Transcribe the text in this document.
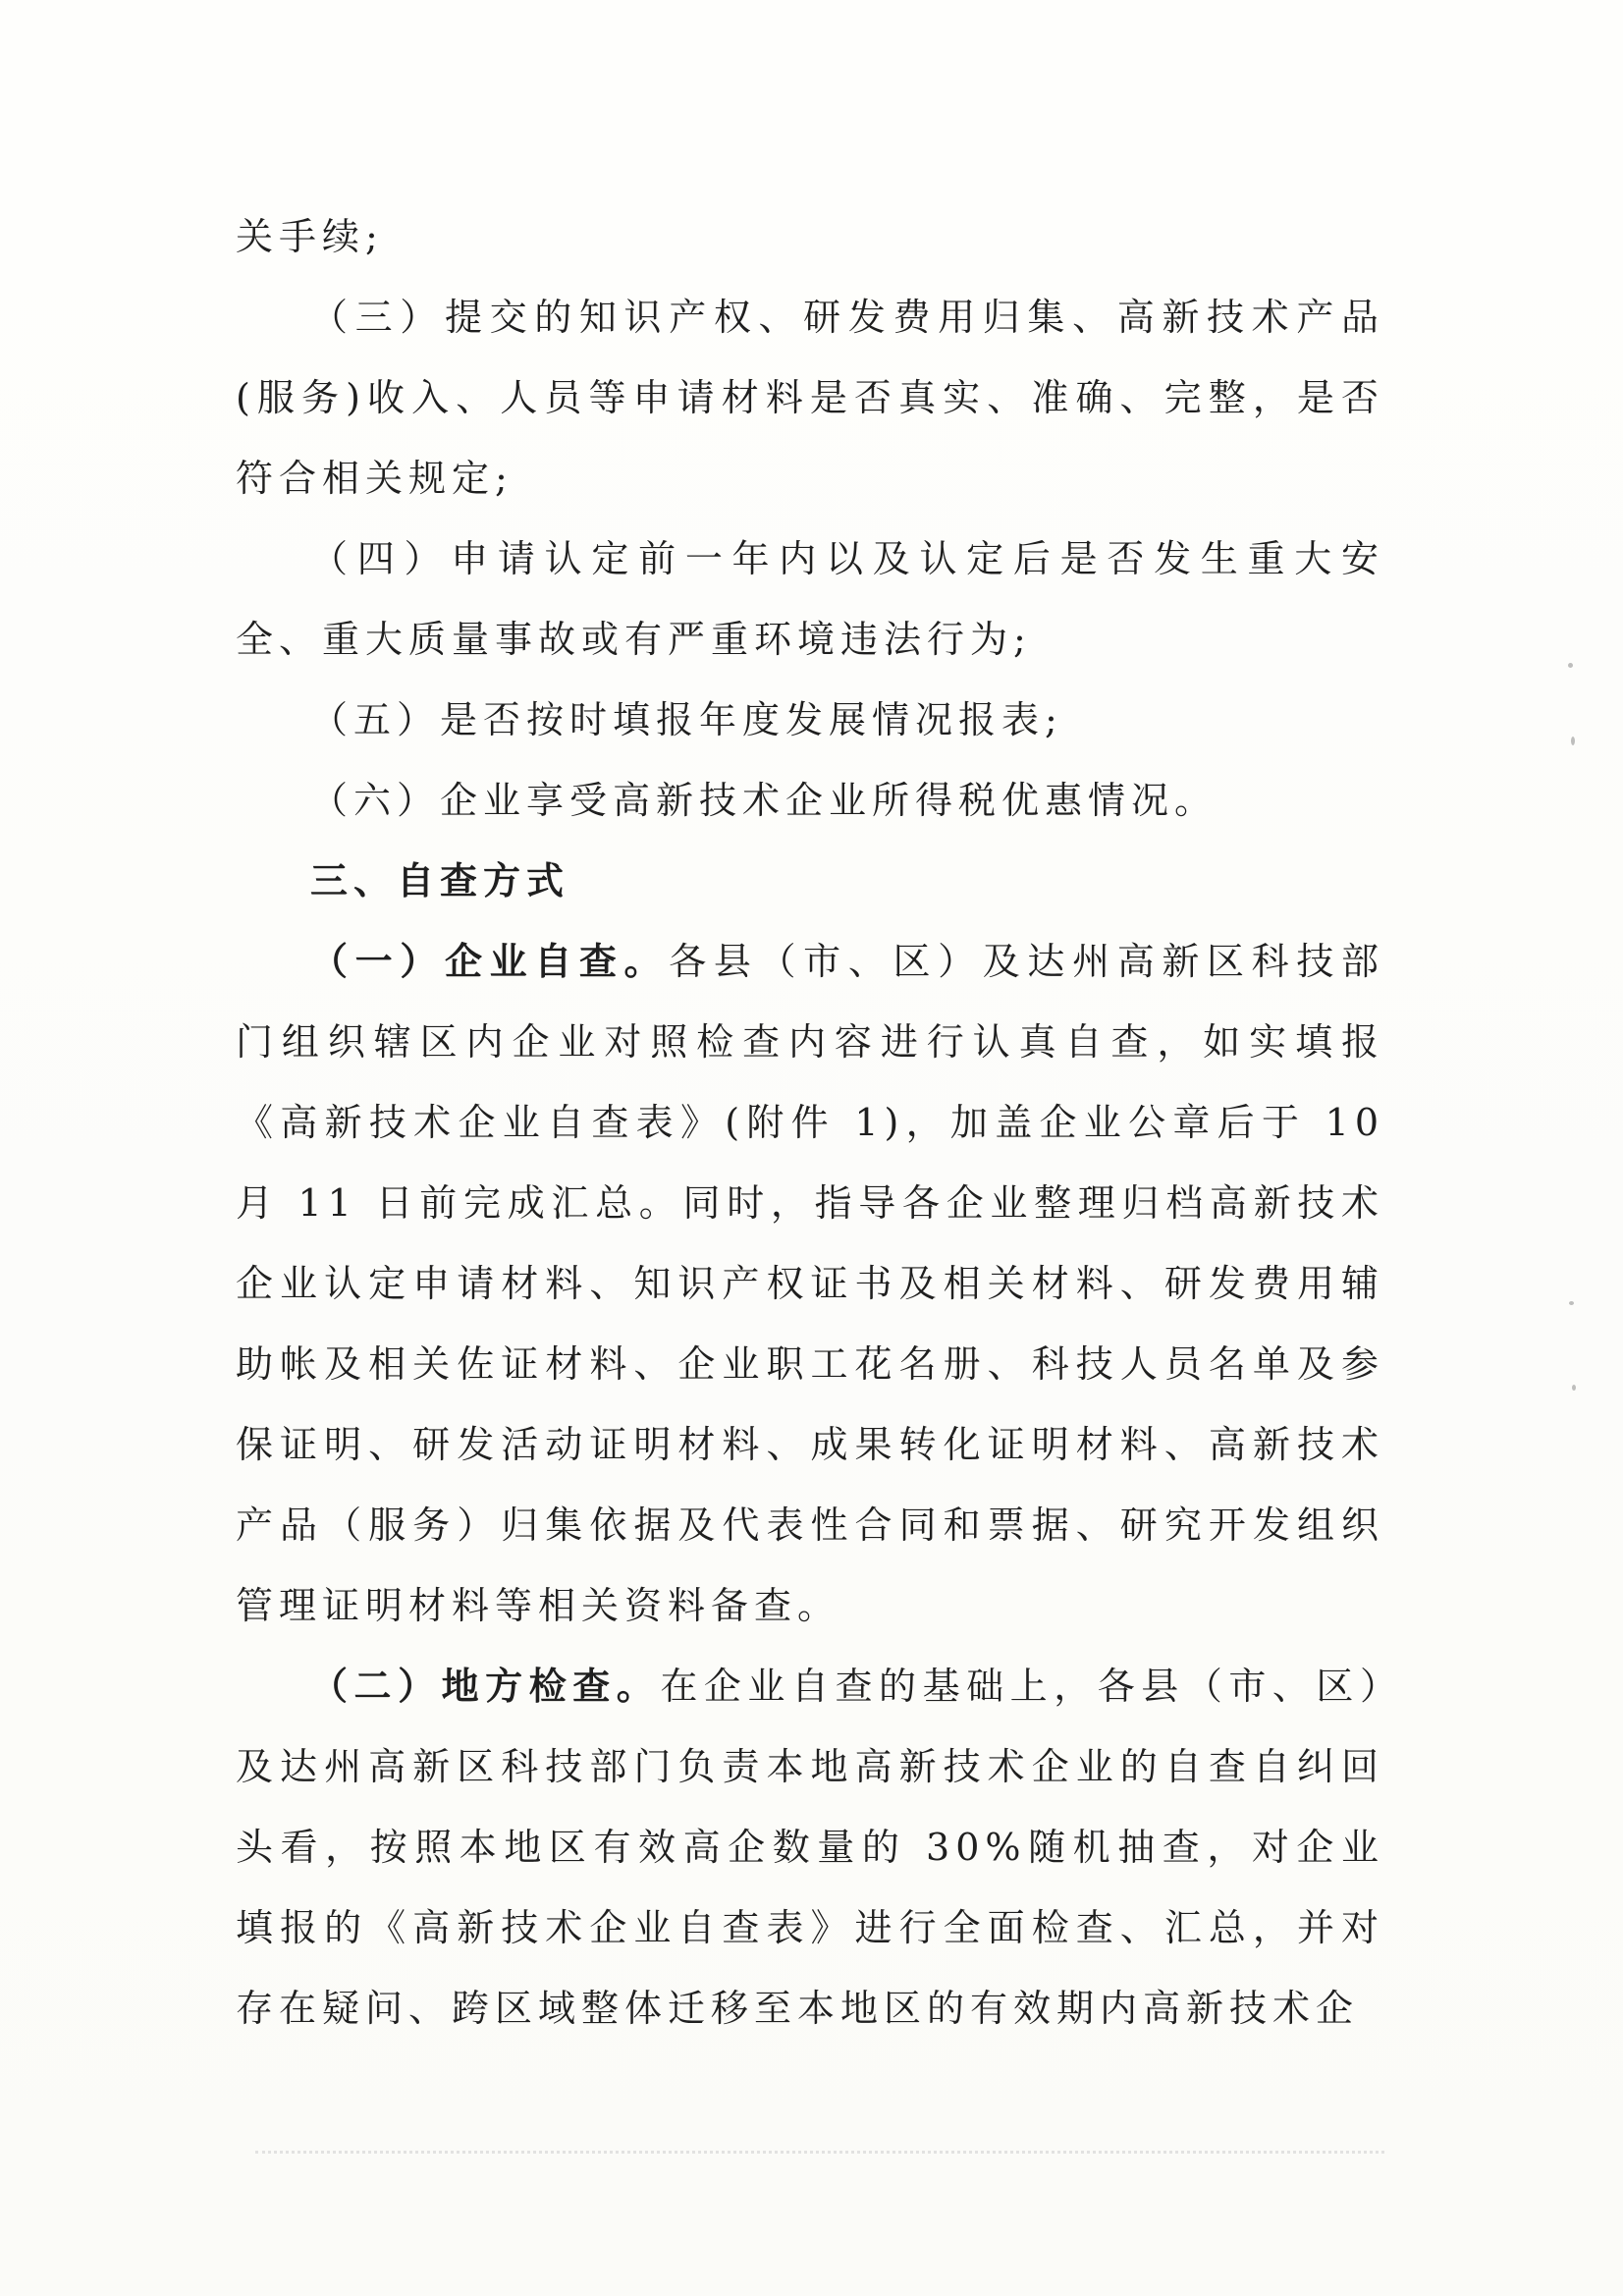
关手续;

（三）提交的知识产权、研发费用归集、高新技术产品(服务)收入、人员等申请材料是否真实、准确、完整，是否符合相关规定;

（四）申请认定前一年内以及认定后是否发生重大安全、重大质量事故或有严重环境违法行为;

（五）是否按时填报年度发展情况报表;

（六）企业享受高新技术企业所得税优惠情况。

三、自查方式

（一）企业自查。各县（市、区）及达州高新区科技部门组织辖区内企业对照检查内容进行认真自查，如实填报《高新技术企业自查表》(附件 1)，加盖企业公章后于 10 月 11 日前完成汇总。同时，指导各企业整理归档高新技术企业认定申请材料、知识产权证书及相关材料、研发费用辅助帐及相关佐证材料、企业职工花名册、科技人员名单及参保证明、研发活动证明材料、成果转化证明材料、高新技术产品（服务）归集依据及代表性合同和票据、研究开发组织管理证明材料等相关资料备查。

（二）地方检查。在企业自查的基础上，各县（市、区）及达州高新区科技部门负责本地高新技术企业的自查自纠回头看，按照本地区有效高企数量的 30%随机抽查，对企业填报的《高新技术企业自查表》进行全面检查、汇总，并对存在疑问、跨区域整体迁移至本地区的有效期内高新技术企
